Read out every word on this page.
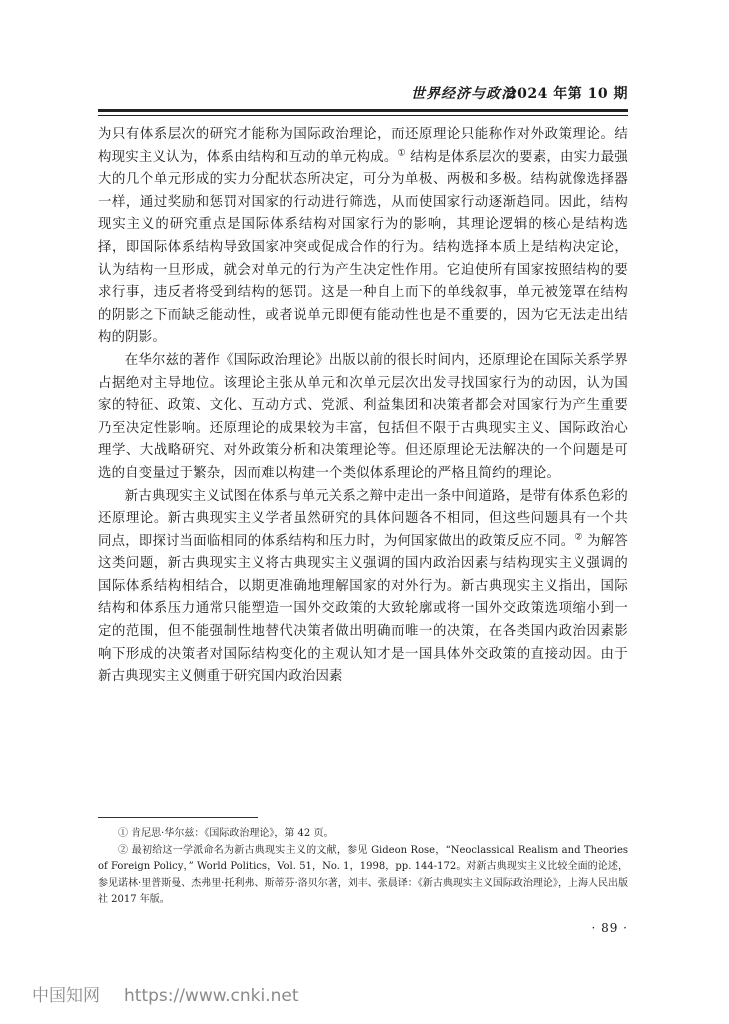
世界经济与政治
2024 年第 10 期

为只有体系层次的研究才能称为国际政治理论，而还原理论只能称作对外政策理论。结构现实主义认为，体系由结构和互动的单元构成。① 结构是体系层次的要素，由实力最强大的几个单元形成的实力分配状态所决定，可分为单极、两极和多极。结构就像选择器一样，通过奖励和惩罚对国家的行动进行筛选，从而使国家行动逐渐趋同。因此，结构现实主义的研究重点是国际体系结构对国家行为的影响，其理论逻辑的核心是结构选择，即国际体系结构导致国家冲突或促成合作的行为。结构选择本质上是结构决定论，认为结构一旦形成，就会对单元的行为产生决定性作用。它迫使所有国家按照结构的要求行事，违反者将受到结构的惩罚。这是一种自上而下的单线叙事，单元被笼罩在结构的阴影之下而缺乏能动性，或者说单元即便有能动性也是不重要的，因为它无法走出结构的阴影。

在华尔兹的著作《国际政治理论》出版以前的很长时间内，还原理论在国际关系学界占据绝对主导地位。该理论主张从单元和次单元层次出发寻找国家行为的动因，认为国家的特征、政策、文化、互动方式、党派、利益集团和决策者都会对国家行为产生重要乃至决定性影响。还原理论的成果较为丰富，包括但不限于古典现实主义、国际政治心理学、大战略研究、对外政策分析和决策理论等。但还原理论无法解决的一个问题是可选的自变量过于繁杂，因而难以构建一个类似体系理论的严格且简约的理论。

新古典现实主义试图在体系与单元关系之辩中走出一条中间道路，是带有体系色彩的还原理论。新古典现实主义学者虽然研究的具体问题各不相同，但这些问题具有一个共同点，即探讨当面临相同的体系结构和压力时，为何国家做出的政策反应不同。② 为解答这类问题，新古典现实主义将古典现实主义强调的国内政治因素与结构现实主义强调的国际体系结构相结合，以期更准确地理解国家的对外行为。新古典现实主义指出，国际结构和体系压力通常只能塑造一国外交政策的大致轮廓或将一国外交政策选项缩小到一定的范围，但不能强制性地替代决策者做出明确而唯一的决策，在各类国内政治因素影响下形成的决策者对国际结构变化的主观认知才是一国具体外交政策的直接动因。由于新古典现实主义侧重于研究国内政治因素

① 肯尼思·华尔兹：《国际政治理论》，第 42 页。

② 最初给这一学派命名为新古典现实主义的文献，参见 Gideon Rose，“Neoclassical Realism and Theories of Foreign Policy，” World Politics，Vol. 51，No. 1，1998，pp. 144-172。对新古典现实主义比较全面的论述，参见诺林·里普斯曼、杰弗里·托利弗、斯蒂芬·洛贝尔著，刘丰、张晨译：《新古典现实主义国际政治理论》，上海人民出版社 2017 年版。

· 89 ·
中国知网 https://www.cnki.net
